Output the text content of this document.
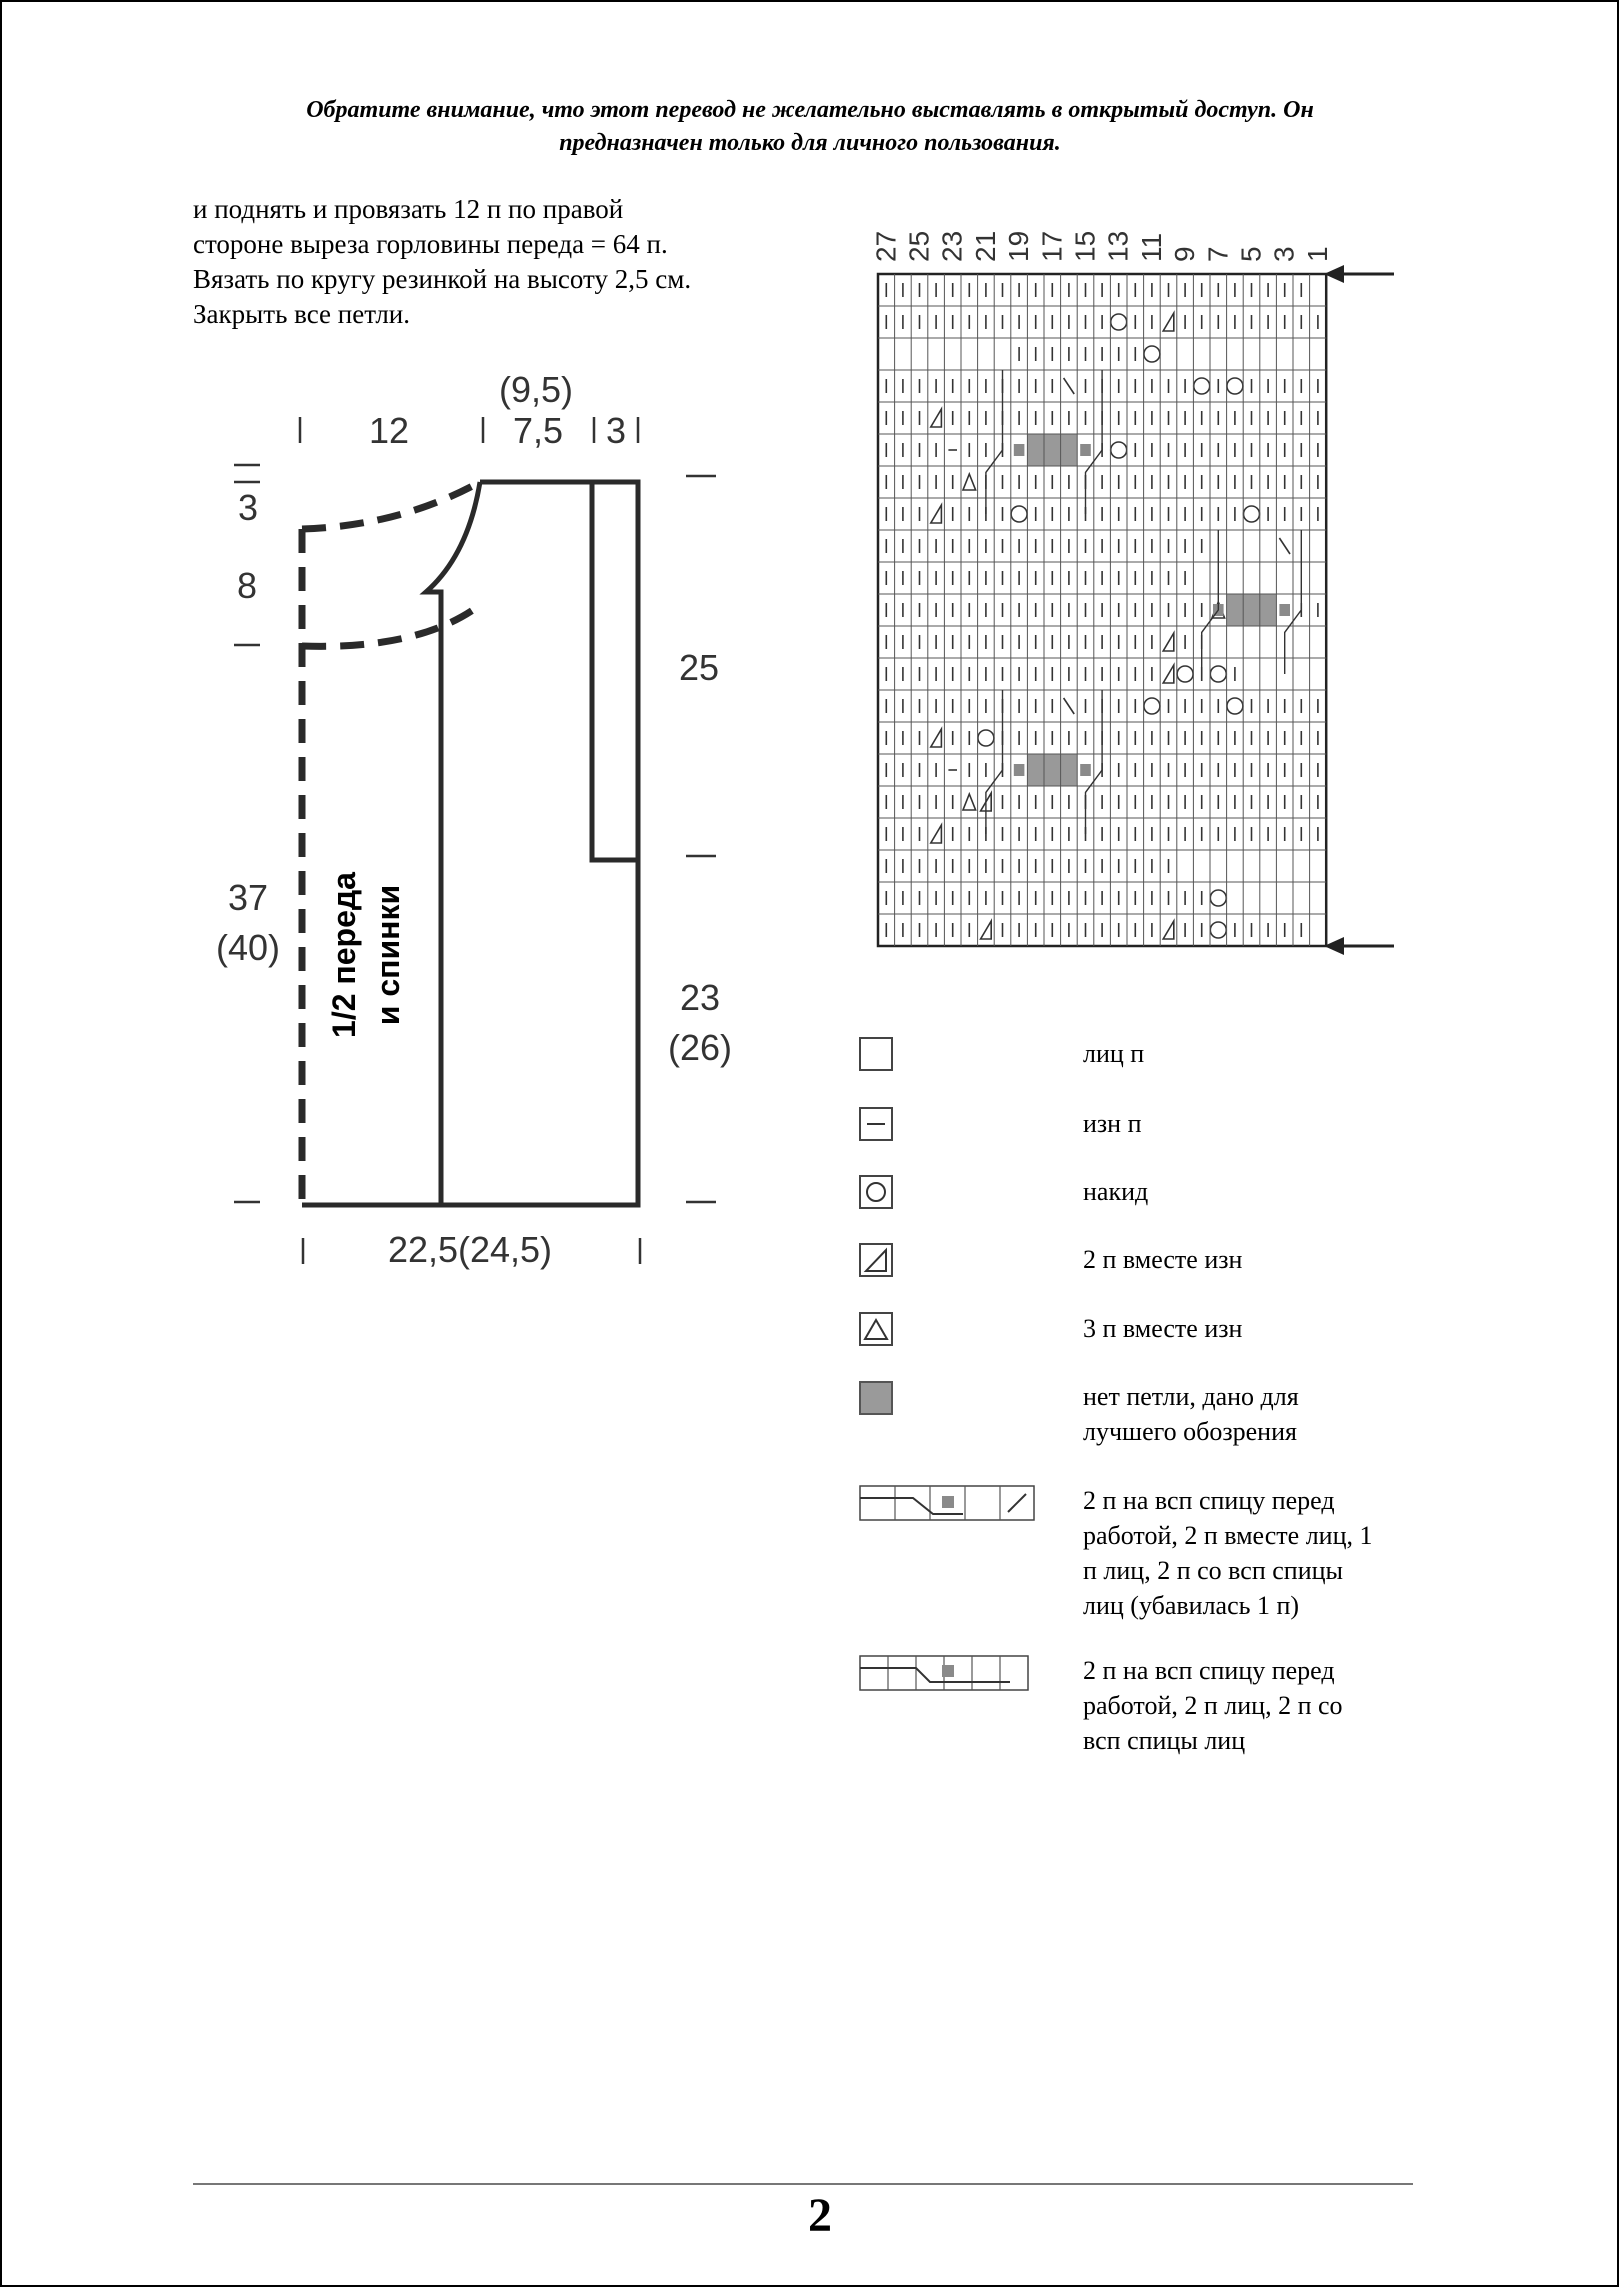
Обратите внимание, что этот перевод не желательно выставлять в открытый доступ. Он
предназначен только для личного пользования.
и поднять и провязать 12 п по правой
стороне выреза горловины переда = 64 п.
Вязать по кругу резинкой на высоту 2,5 см.
Закрыть все петли.
12
(9,5)
7,5 3
3
8
37
(40)
25
23
(26)
22,5(24,5)
1/2 переда и спинки
27 25 23 21 19 17 15 13 11 9 7 5 3 1
лиц п
изн п
накид
2 п вместе изн
3 п вместе изн
нет петли, дано для
лучшего обозрения
2 п на всп спицу перед
работой, 2 п вместе лиц, 1
п лиц, 2 п со всп спицы
лиц (убавилась 1 п)
2 п на всп спицу перед
работой, 2 п лиц, 2 п со
всп спицы лиц
2
